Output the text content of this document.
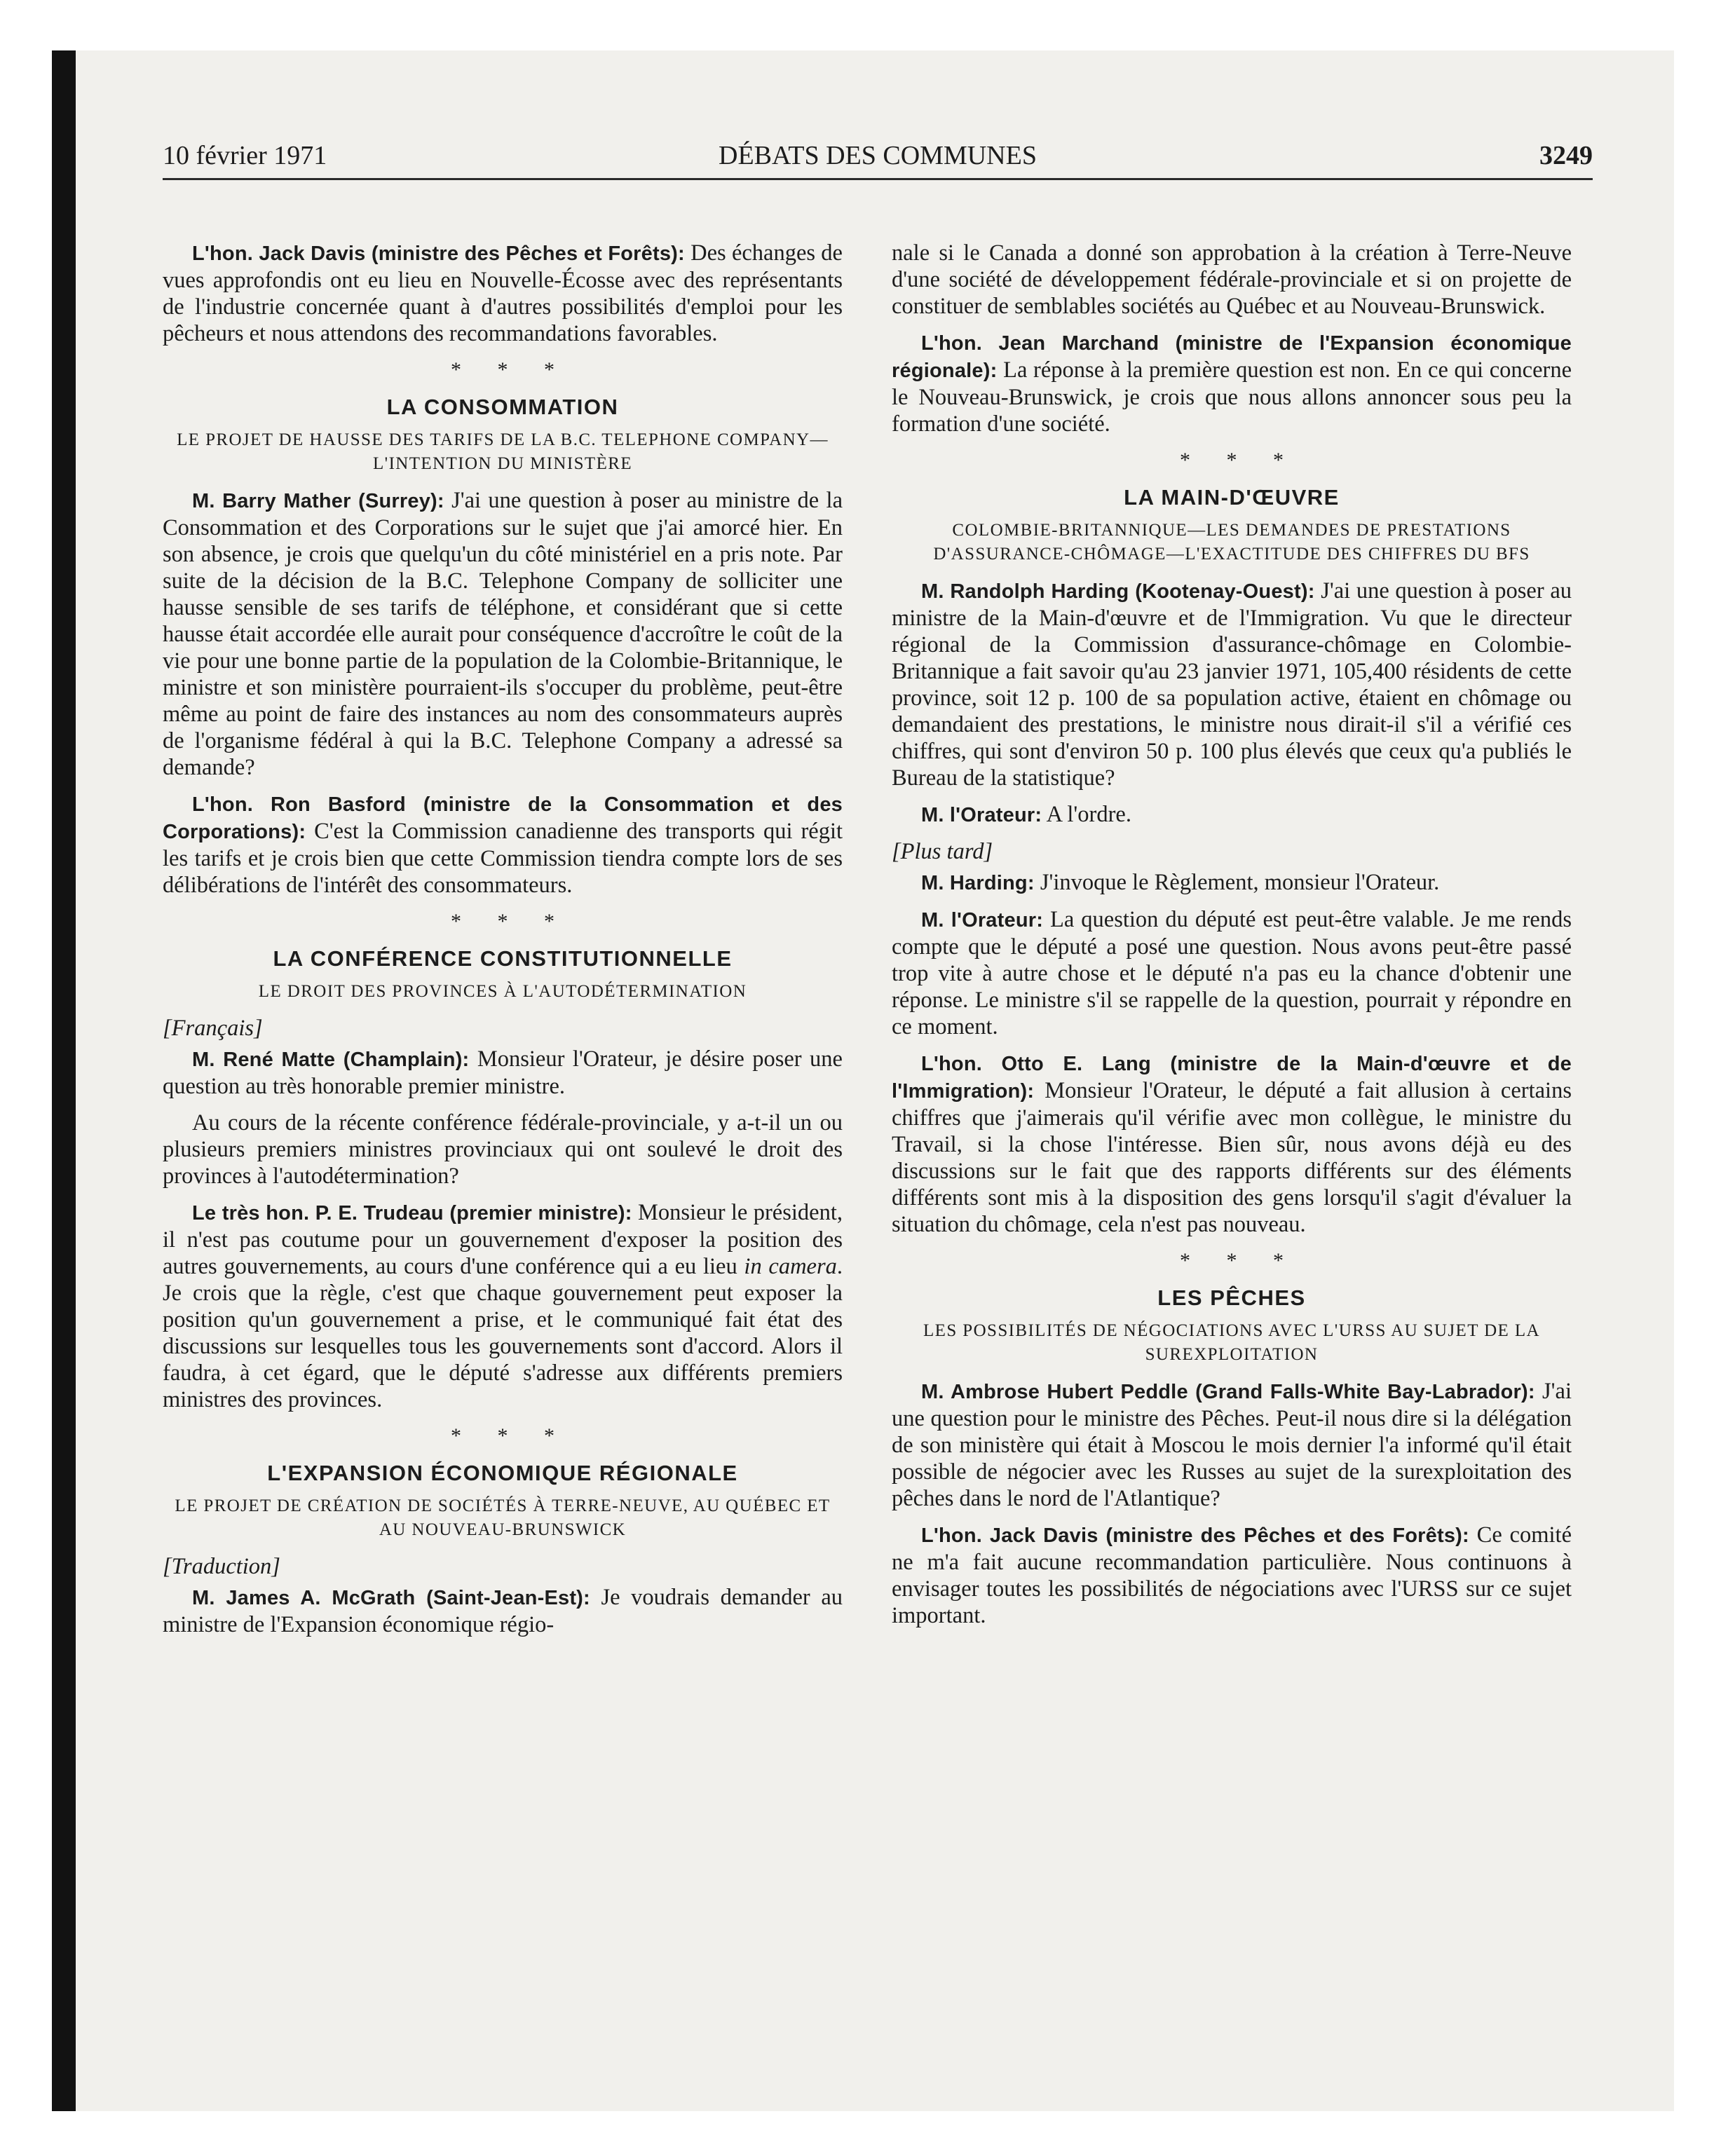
10 février 1971	DÉBATS DES COMMUNES	3249

L'hon. Jack Davis (ministre des Pêches et Forêts): Des échanges de vues approfondis ont eu lieu en Nouvelle-Écosse avec des représentants de l'industrie concernée quant à d'autres possibilités d'emploi pour les pêcheurs et nous attendons des recommandations favorables.

* * *
LA CONSOMMATION
LE PROJET DE HAUSSE DES TARIFS DE LA B.C. TELEPHONE COMPANY—L'INTENTION DU MINISTÈRE

M. Barry Mather (Surrey): J'ai une question à poser au ministre de la Consommation et des Corporations sur le sujet que j'ai amorcé hier. En son absence, je crois que quelqu'un du côté ministériel en a pris note. Par suite de la décision de la B.C. Telephone Company de solliciter une hausse sensible de ses tarifs de téléphone, et considérant que si cette hausse était accordée elle aurait pour conséquence d'accroître le coût de la vie pour une bonne partie de la population de la Colombie-Britannique, le ministre et son ministère pourraient-ils s'occuper du problème, peut-être même au point de faire des instances au nom des consommateurs auprès de l'organisme fédéral à qui la B.C. Telephone Company a adressé sa demande?

L'hon. Ron Basford (ministre de la Consommation et des Corporations): C'est la Commission canadienne des transports qui régit les tarifs et je crois bien que cette Commission tiendra compte lors de ses délibérations de l'intérêt des consommateurs.

* * *
LA CONFÉRENCE CONSTITUTIONNELLE
LE DROIT DES PROVINCES À L'AUTODÉTERMINATION

[Français]

M. René Matte (Champlain): Monsieur l'Orateur, je désire poser une question au très honorable premier ministre.

Au cours de la récente conférence fédérale-provinciale, y a-t-il un ou plusieurs premiers ministres provinciaux qui ont soulevé le droit des provinces à l'autodétermination?

Le très hon. P. E. Trudeau (premier ministre): Monsieur le président, il n'est pas coutume pour un gouvernement d'exposer la position des autres gouvernements, au cours d'une conférence qui a eu lieu in camera. Je crois que la règle, c'est que chaque gouvernement peut exposer la position qu'un gouvernement a prise, et le communiqué fait état des discussions sur lesquelles tous les gouvernements sont d'accord. Alors il faudra, à cet égard, que le député s'adresse aux différents premiers ministres des provinces.

* * *
L'EXPANSION ÉCONOMIQUE RÉGIONALE
LE PROJET DE CRÉATION DE SOCIÉTÉS À TERRE-NEUVE, AU QUÉBEC ET AU NOUVEAU-BRUNSWICK

[Traduction]

M. James A. McGrath (Saint-Jean-Est): Je voudrais demander au ministre de l'Expansion économique régio-

nale si le Canada a donné son approbation à la création à Terre-Neuve d'une société de développement fédérale-provinciale et si on projette de constituer de semblables sociétés au Québec et au Nouveau-Brunswick.

L'hon. Jean Marchand (ministre de l'Expansion économique régionale): La réponse à la première question est non. En ce qui concerne le Nouveau-Brunswick, je crois que nous allons annoncer sous peu la formation d'une société.

* * *
LA MAIN-D'ŒUVRE
COLOMBIE-BRITANNIQUE—LES DEMANDES DE PRESTATIONS D'ASSURANCE-CHÔMAGE—L'EXACTITUDE DES CHIFFRES DU BFS

M. Randolph Harding (Kootenay-Ouest): J'ai une question à poser au ministre de la Main-d'œuvre et de l'Immigration. Vu que le directeur régional de la Commission d'assurance-chômage en Colombie-Britannique a fait savoir qu'au 23 janvier 1971, 105,400 résidents de cette province, soit 12 p. 100 de sa population active, étaient en chômage ou demandaient des prestations, le ministre nous dirait-il s'il a vérifié ces chiffres, qui sont d'environ 50 p. 100 plus élevés que ceux qu'a publiés le Bureau de la statistique?

M. l'Orateur: A l'ordre.

[Plus tard]

M. Harding: J'invoque le Règlement, monsieur l'Orateur.

M. l'Orateur: La question du député est peut-être valable. Je me rends compte que le député a posé une question. Nous avons peut-être passé trop vite à autre chose et le député n'a pas eu la chance d'obtenir une réponse. Le ministre s'il se rappelle de la question, pourrait y répondre en ce moment.

L'hon. Otto E. Lang (ministre de la Main-d'œuvre et de l'Immigration): Monsieur l'Orateur, le député a fait allusion à certains chiffres que j'aimerais qu'il vérifie avec mon collègue, le ministre du Travail, si la chose l'intéresse. Bien sûr, nous avons déjà eu des discussions sur le fait que des rapports différents sur des éléments différents sont mis à la disposition des gens lorsqu'il s'agit d'évaluer la situation du chômage, cela n'est pas nouveau.

* * *
LES PÊCHES
LES POSSIBILITÉS DE NÉGOCIATIONS AVEC L'URSS AU SUJET DE LA SUREXPLOITATION

M. Ambrose Hubert Peddle (Grand Falls-White Bay-Labrador): J'ai une question pour le ministre des Pêches. Peut-il nous dire si la délégation de son ministère qui était à Moscou le mois dernier l'a informé qu'il était possible de négocier avec les Russes au sujet de la surexploitation des pêches dans le nord de l'Atlantique?

L'hon. Jack Davis (ministre des Pêches et des Forêts): Ce comité ne m'a fait aucune recommandation particulière. Nous continuons à envisager toutes les possibilités de négociations avec l'URSS sur ce sujet important.
